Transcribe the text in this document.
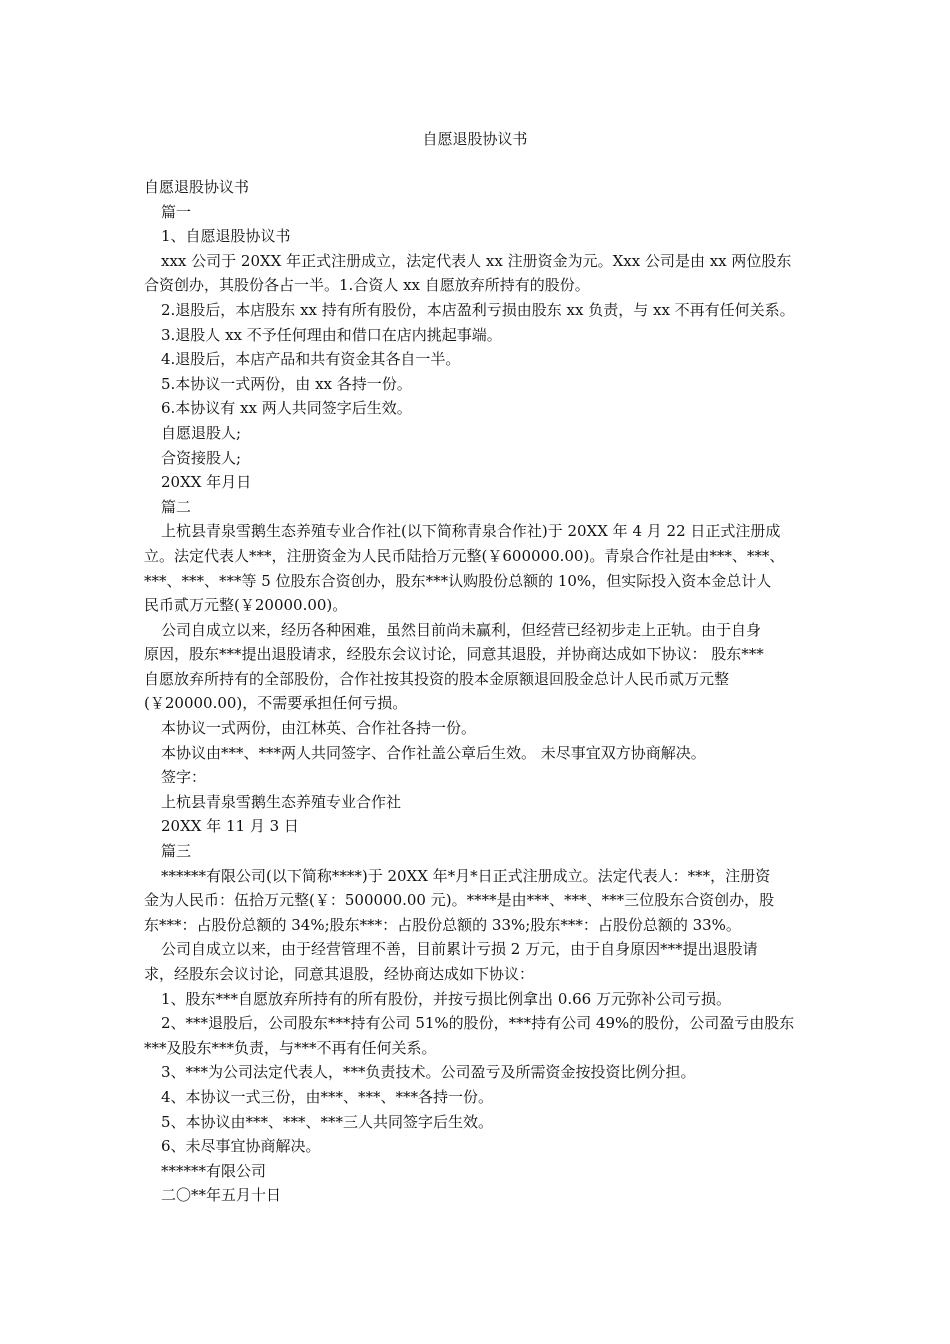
自愿退股协议书

自愿退股协议书

篇一

1、自愿退股协议书

xxx 公司于 20XX 年正式注册成立，法定代表人 xx 注册资金为元。Xxx 公司是由 xx 两位股东

合资创办，其股份各占一半。1.合资人 xx 自愿放弃所持有的股份。

2.退股后，本店股东 xx 持有所有股份，本店盈利亏损由股东 xx 负责，与 xx 不再有任何关系。

3.退股人 xx 不予任何理由和借口在店内挑起事端。

4.退股后，本店产品和共有资金其各自一半。

5.本协议一式两份，由 xx 各持一份。

6.本协议有 xx 两人共同签字后生效。

自愿退股人;

合资接股人;

20XX 年月日

篇二

上杭县青泉雪鹅生态养殖专业合作社(以下简称青泉合作社)于 20XX 年 4 月 22 日正式注册成

立。法定代表人***，注册资金为人民币陆拾万元整(￥600000.00)。青泉合作社是由***、***、

***、***、***等 5 位股东合资创办，股东***认购股份总额的 10%，但实际投入资本金总计人

民币贰万元整(￥20000.00)。

公司自成立以来，经历各种困难，虽然目前尚未赢利，但经营已经初步走上正轨。由于自身

原因，股东***提出退股请求，经股东会议讨论，同意其退股，并协商达成如下协议： 股东***

自愿放弃所持有的全部股份，合作社按其投资的股本金原额退回股金总计人民币贰万元整

(￥20000.00)，不需要承担任何亏损。

本协议一式两份，由江林英、合作社各持一份。

本协议由***、***两人共同签字、合作社盖公章后生效。 未尽事宜双方协商解决。

签字：

上杭县青泉雪鹅生态养殖专业合作社

20XX 年 11 月 3 日

篇三

******有限公司(以下简称****)于 20XX 年*月*日正式注册成立。法定代表人：***，注册资

金为人民币：伍拾万元整(￥：500000.00 元)。****是由***、***、***三位股东合资创办，股

东***：占股份总额的 34%;股东***：占股份总额的 33%;股东***：占股份总额的 33%。

公司自成立以来，由于经营管理不善，目前累计亏损 2 万元，由于自身原因***提出退股请

求，经股东会议讨论，同意其退股，经协商达成如下协议：

1、股东***自愿放弃所持有的所有股份，并按亏损比例拿出 0.66 万元弥补公司亏损。

2、***退股后，公司股东***持有公司 51%的股份，***持有公司 49%的股份，公司盈亏由股东

***及股东***负责，与***不再有任何关系。

3、***为公司法定代表人，***负责技术。公司盈亏及所需资金按投资比例分担。

4、本协议一式三份，由***、***、***各持一份。

5、本协议由***、***、***三人共同签字后生效。

6、未尽事宜协商解决。

******有限公司

二〇**年五月十日
